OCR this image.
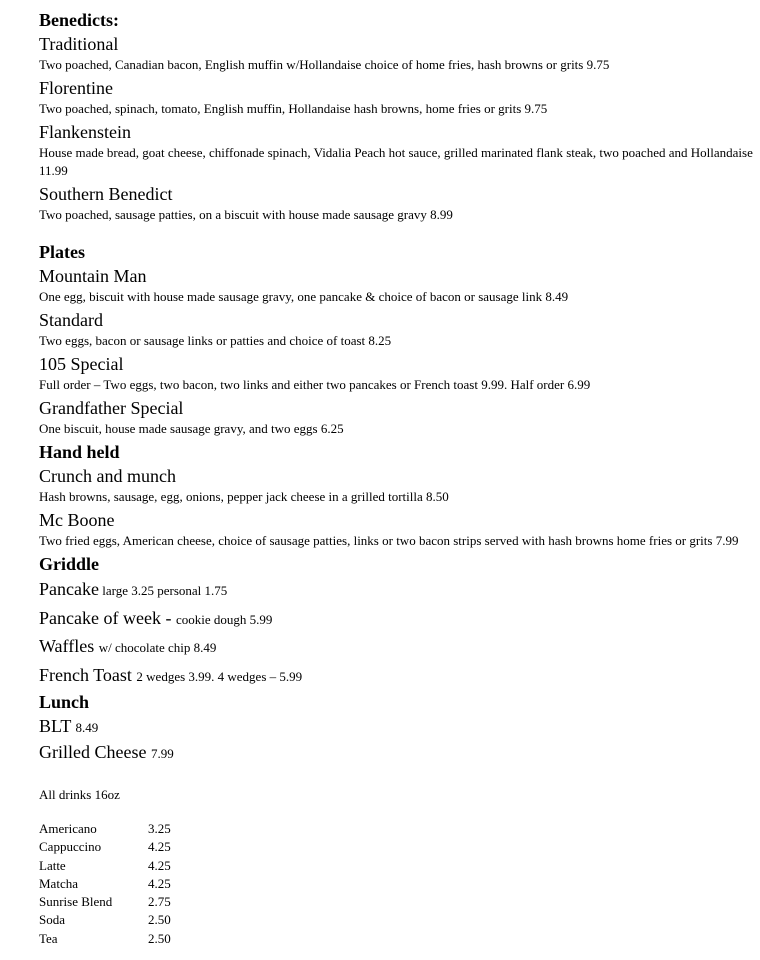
Benedicts:
Traditional
Two poached, Canadian bacon, English muffin w/Hollandaise choice of home fries, hash browns or grits 9.75
Florentine
Two poached, spinach, tomato, English muffin, Hollandaise hash browns, home fries or grits 9.75
Flankenstein
House made bread, goat cheese, chiffonade spinach, Vidalia Peach hot sauce, grilled marinated flank steak, two poached and Hollandaise 11.99
Southern Benedict
Two poached, sausage patties, on a biscuit with house made sausage gravy 8.99
Plates
Mountain Man
One egg, biscuit with house made sausage gravy, one pancake & choice of bacon or sausage link 8.49
Standard
Two eggs, bacon or sausage links or patties and choice of toast 8.25
105 Special
Full order – Two eggs, two bacon, two links and either two pancakes or French toast 9.99. Half order 6.99
Grandfather Special
One biscuit, house made sausage gravy, and two eggs 6.25
Hand held
Crunch and munch
Hash browns, sausage, egg, onions, pepper jack cheese in a grilled tortilla 8.50
Mc Boone
Two fried eggs, American cheese, choice of sausage patties, links or two bacon strips served with hash browns home fries or grits 7.99
Griddle
Pancake large 3.25 personal 1.75
Pancake of week - cookie dough 5.99
Waffles w/ chocolate chip 8.49
French Toast 2 wedges 3.99. 4 wedges – 5.99
Lunch
BLT 8.49
Grilled Cheese 7.99
All drinks 16oz
Americano	3.25
Cappuccino	4.25
Latte	4.25
Matcha	4.25
Sunrise Blend	2.75
Soda	2.50
Tea	2.50
